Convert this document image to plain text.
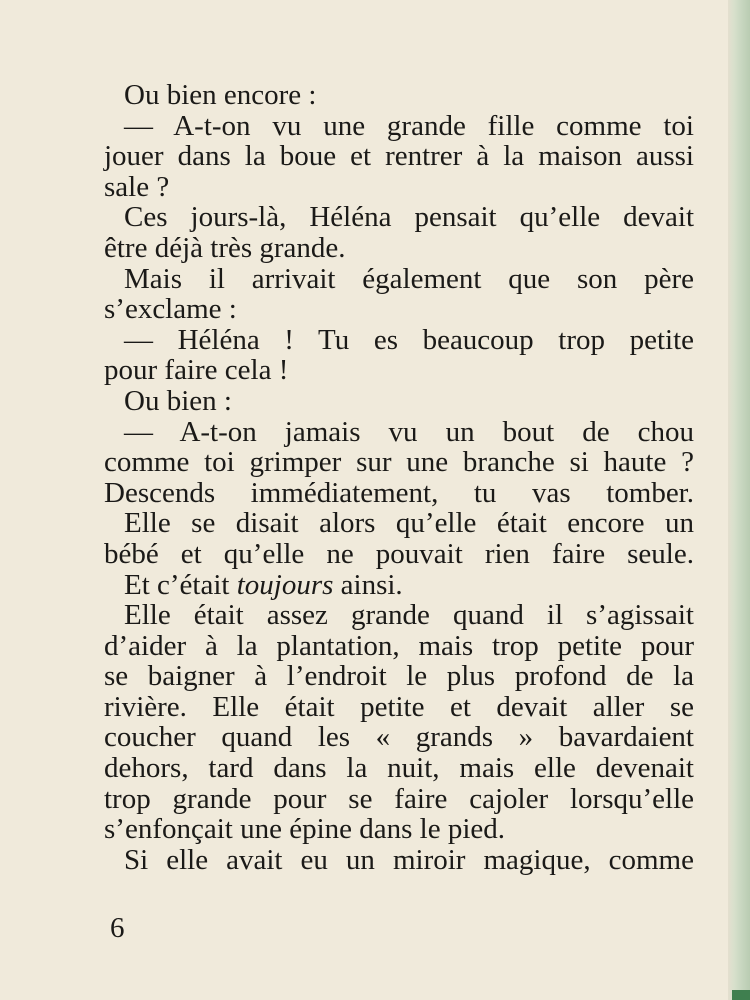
Ou bien encore :
— A-t-on vu une grande fille comme toi
jouer dans la boue et rentrer à la maison aussi
sale ?
Ces jours-là, Héléna pensait qu’elle devait
être déjà très grande.
Mais il arrivait également que son père
s’exclame :
— Héléna ! Tu es beaucoup trop petite
pour faire cela !
Ou bien :
— A-t-on jamais vu un bout de chou
comme toi grimper sur une branche si haute ?
Descends immédiatement, tu vas tomber.
Elle se disait alors qu’elle était encore un
bébé et qu’elle ne pouvait rien faire seule.
Et c’était toujours ainsi.
Elle était assez grande quand il s’agissait
d’aider à la plantation, mais trop petite pour
se baigner à l’endroit le plus profond de la
rivière. Elle était petite et devait aller se
coucher quand les « grands » bavardaient
dehors, tard dans la nuit, mais elle devenait
trop grande pour se faire cajoler lorsqu’elle
s’enfonçait une épine dans le pied.
Si elle avait eu un miroir magique, comme
6
